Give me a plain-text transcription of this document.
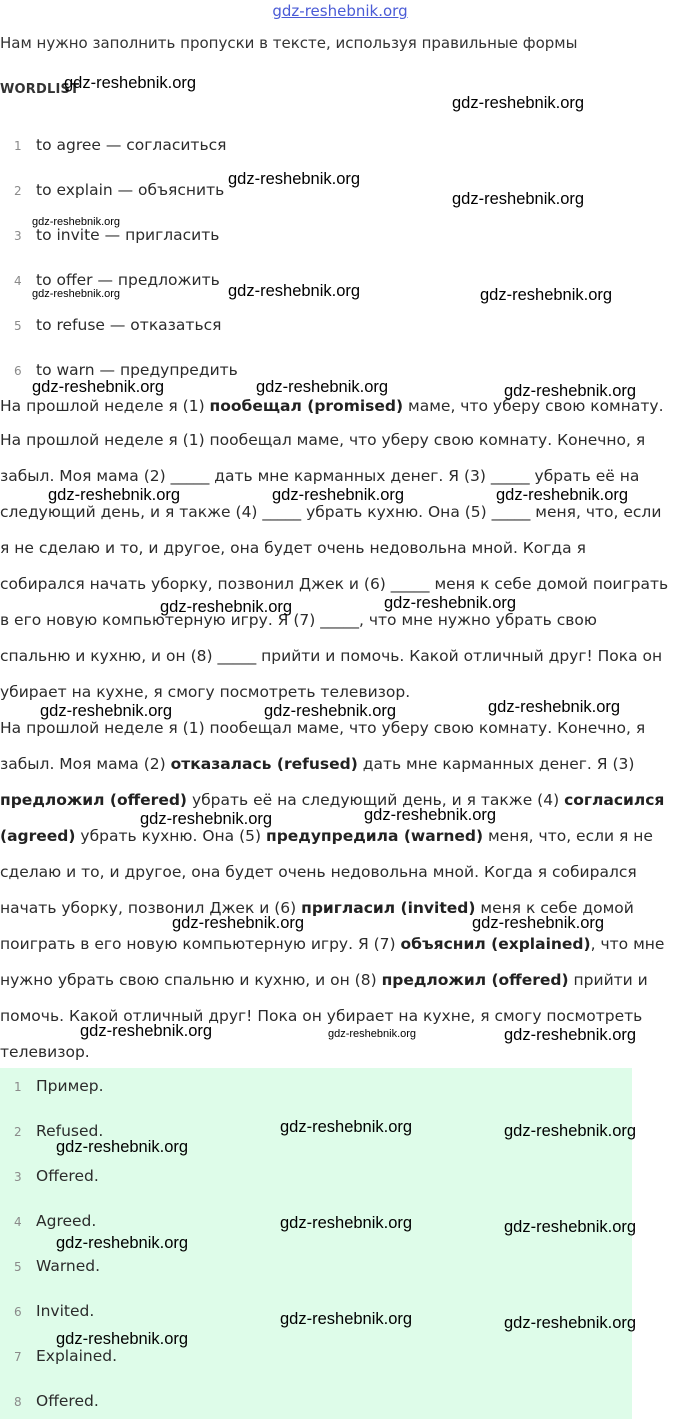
gdz-reshebnik.org
Нам нужно заполнить пропуски в тексте, используя правильные формы
WORDLIST
1 to agree — согласиться
2 to explain — объяснить
3 to invite — пригласить
4 to offer — предложить
5 to refuse — отказаться
6 to warn — предупредить
На прошлой неделе я (1) пообещал (promised) маме, что уберу свою комнату.
На прошлой неделе я (1) пообещал маме, что уберу свою комнату. Конечно, я забыл. Моя мама (2) _____ дать мне карманных денег. Я (3) _____ убрать её на следующий день, и я также (4) _____ убрать кухню. Она (5) _____ меня, что, если я не сделаю и то, и другое, она будет очень недовольна мной. Когда я собирался начать уборку, позвонил Джек и (6) _____ меня к себе домой поиграть в его новую компьютерную игру. Я (7) _____, что мне нужно убрать свою спальню и кухню, и он (8) _____ прийти и помочь. Какой отличный друг! Пока он убирает на кухне, я смогу посмотреть телевизор.
На прошлой неделе я (1) пообещал маме, что уберу свою комнату. Конечно, я забыл. Моя мама (2) отказалась (refused) дать мне карманных денег. Я (3) предложил (offered) убрать её на следующий день, и я также (4) согласился (agreed) убрать кухню. Она (5) предупредила (warned) меня, что, если я не сделаю и то, и другое, она будет очень недовольна мной. Когда я собирался начать уборку, позвонил Джек и (6) пригласил (invited) меня к себе домой поиграть в его новую компьютерную игру. Я (7) объяснил (explained), что мне нужно убрать свою спальню и кухню, и он (8) предложил (offered) прийти и помочь. Какой отличный друг! Пока он убирает на кухне, я смогу посмотреть телевизор.
1 Пример.
2 Refused.
3 Offered.
4 Agreed.
5 Warned.
6 Invited.
7 Explained.
8 Offered.
gdz-reshebnik.org
gdz-reshebnik.org
gdz-reshebnik.org
gdz-reshebnik.org
gdz-reshebnik.org
gdz-reshebnik.org	gdz-reshebnik.org	gdz-reshebnik.org
gdz-reshebnik.org	gdz-reshebnik.org	gdz-reshebnik.org
gdz-reshebnik.org	gdz-reshebnik.org	gdz-reshebnik.org
gdz-reshebnik.org	gdz-reshebnik.org
gdz-reshebnik.org	gdz-reshebnik.org	gdz-reshebnik.org
gdz-reshebnik.org	gdz-reshebnik.org
gdz-reshebnik.org	gdz-reshebnik.org
gdz-reshebnik.org	gdz-reshebnik.org	gdz-reshebnik.org
gdz-reshebnik.org	gdz-reshebnik.org
gdz-reshebnik.org
gdz-reshebnik.org	gdz-reshebnik.org
gdz-reshebnik.org
gdz-reshebnik.org	gdz-reshebnik.org
gdz-reshebnik.org
